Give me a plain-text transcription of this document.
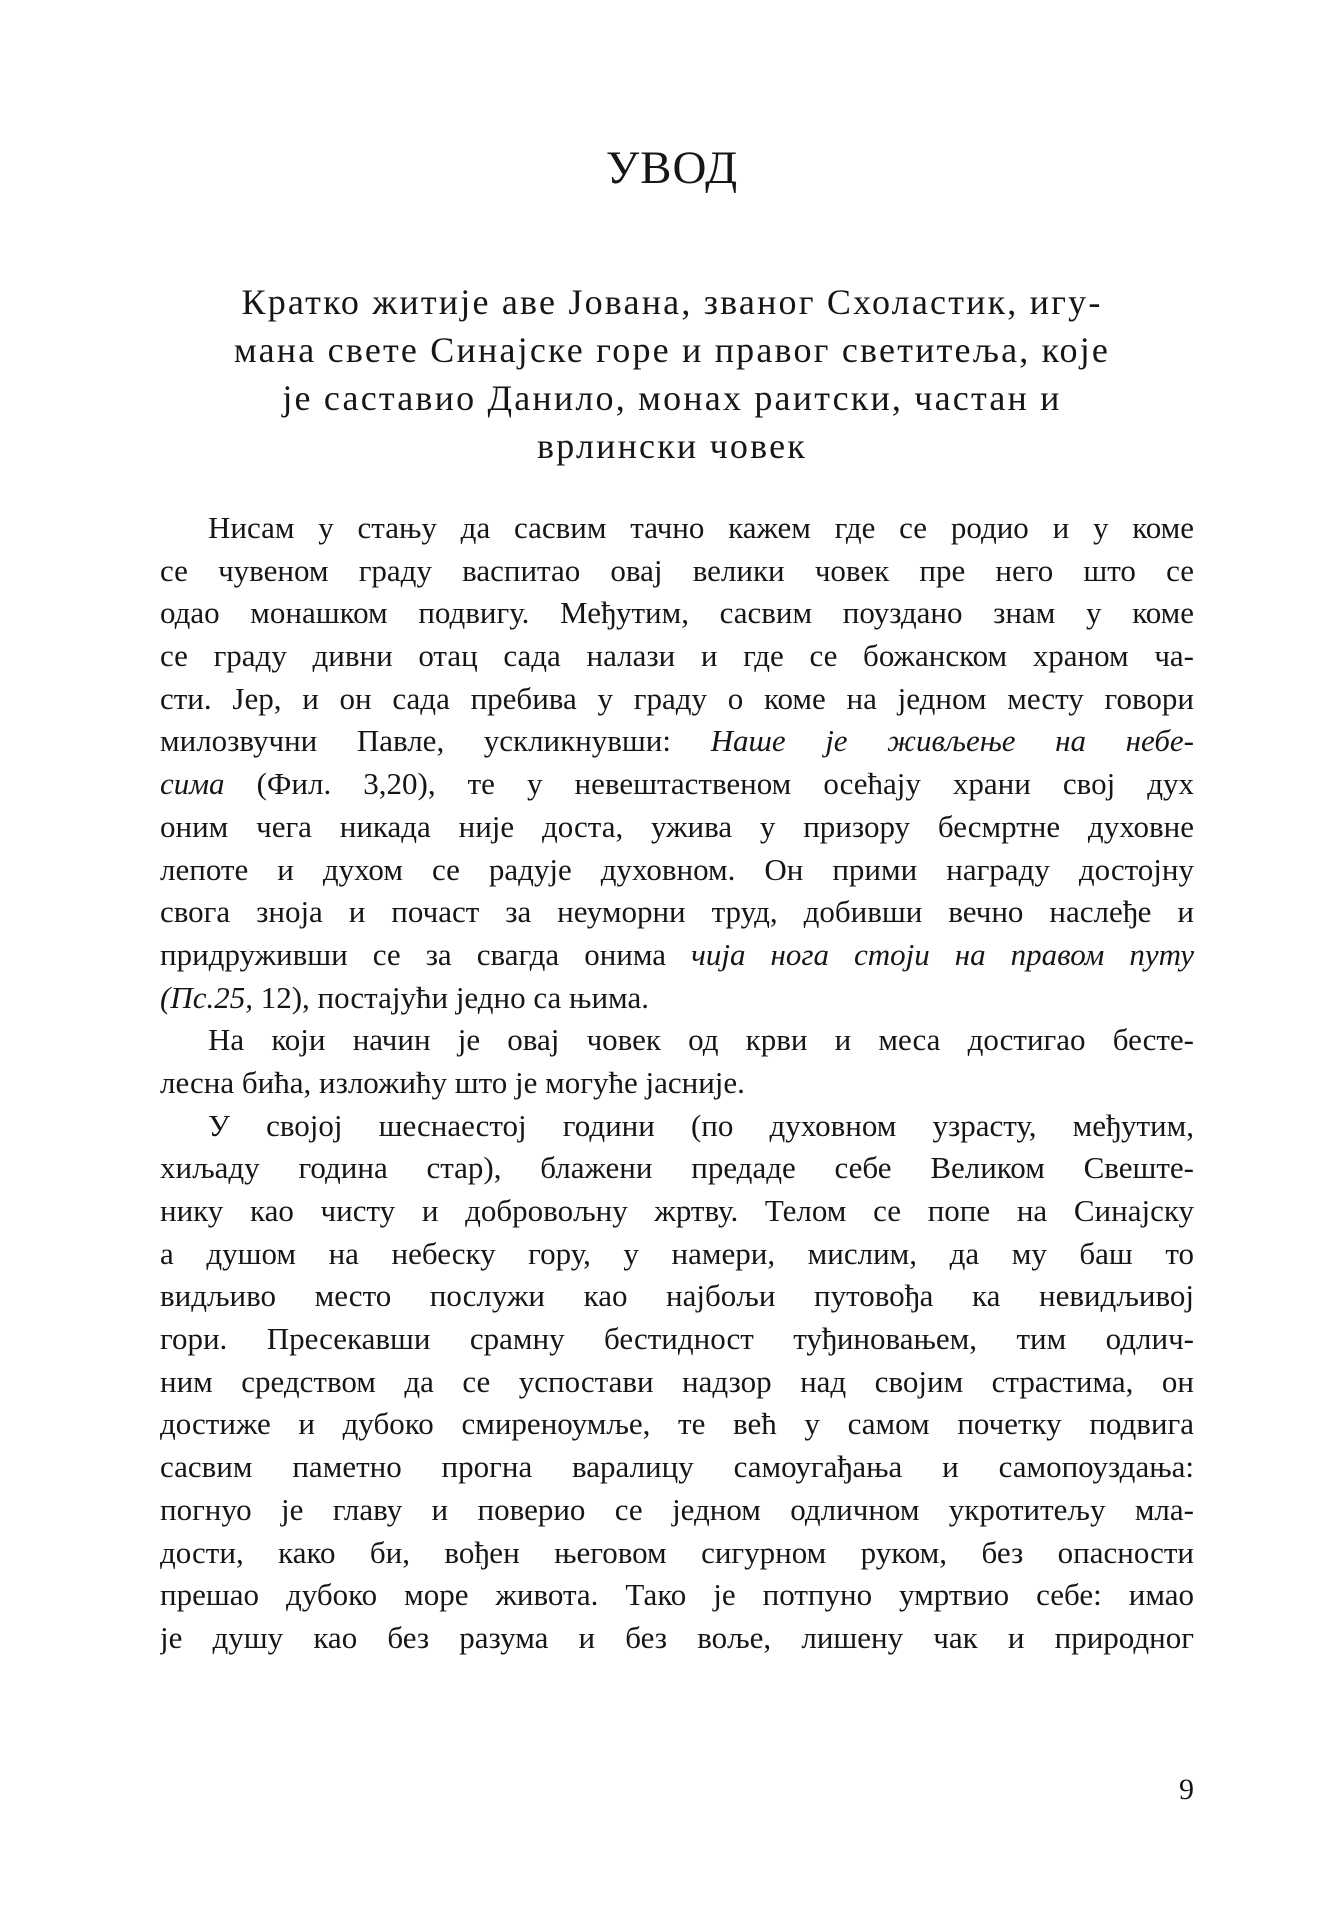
УВОД
Кратко житије аве Јована, званог Схоластик, игу-
мана свете Синајске горе и правог светитеља, које
је саставио Данило, монах раитски, частан и
врлински човек
Нисам у стању да сасвим тачно кажем где се родио и у коме
се чувеном граду васпитао овај велики човек пре него што се
одао монашком подвигу. Међутим, сасвим поуздано знам у коме
се граду дивни отац сада налази и где се божанском храном ча-
сти. Јер, и он сада пребива у граду о коме на једном месту говори
милозвучни Павле, ускликнувши: Наше је живљење на небе-
сима (Фил. 3,20), те у невештаственом осећају храни свој дух
оним чега никада није доста, ужива у призору бесмртне духовне
лепоте и духом се радује духовном. Он прими награду достојну
свога зноја и почаст за неуморни труд, добивши вечно наслеђе и
придруживши се за свагда онима чија нога стоји на правом путу
(Пс.25, 12), постајући једно са њима.
На који начин је овај човек од крви и меса достигао бесте-
лесна бића, изложићу што је могуће јасније.
У својој шеснаестој години (по духовном узрасту, међутим,
хиљаду година стар), блажени предаде себе Великом Свеште-
нику као чисту и добровољну жртву. Телом се попе на Синајску
а душом на небеску гору, у намери, мислим, да му баш то
видљиво место послужи као најбољи путовођа ка невидљивој
гори. Пресекавши срамну бестидност туђиновањем, тим одлич-
ним средством да се успостави надзор над својим страстима, он
достиже и дубоко смиреноумље, те већ у самом почетку подвига
сасвим паметно прогна варалицу самоугађања и самопоуздања:
погнуо је главу и поверио се једном одличном укротитељу мла-
дости, како би, вођен његовом сигурном руком, без опасности
прешао дубоко море живота. Тако је потпуно умртвио себе: имао
је душу као без разума и без воље, лишену чак и природног
9
